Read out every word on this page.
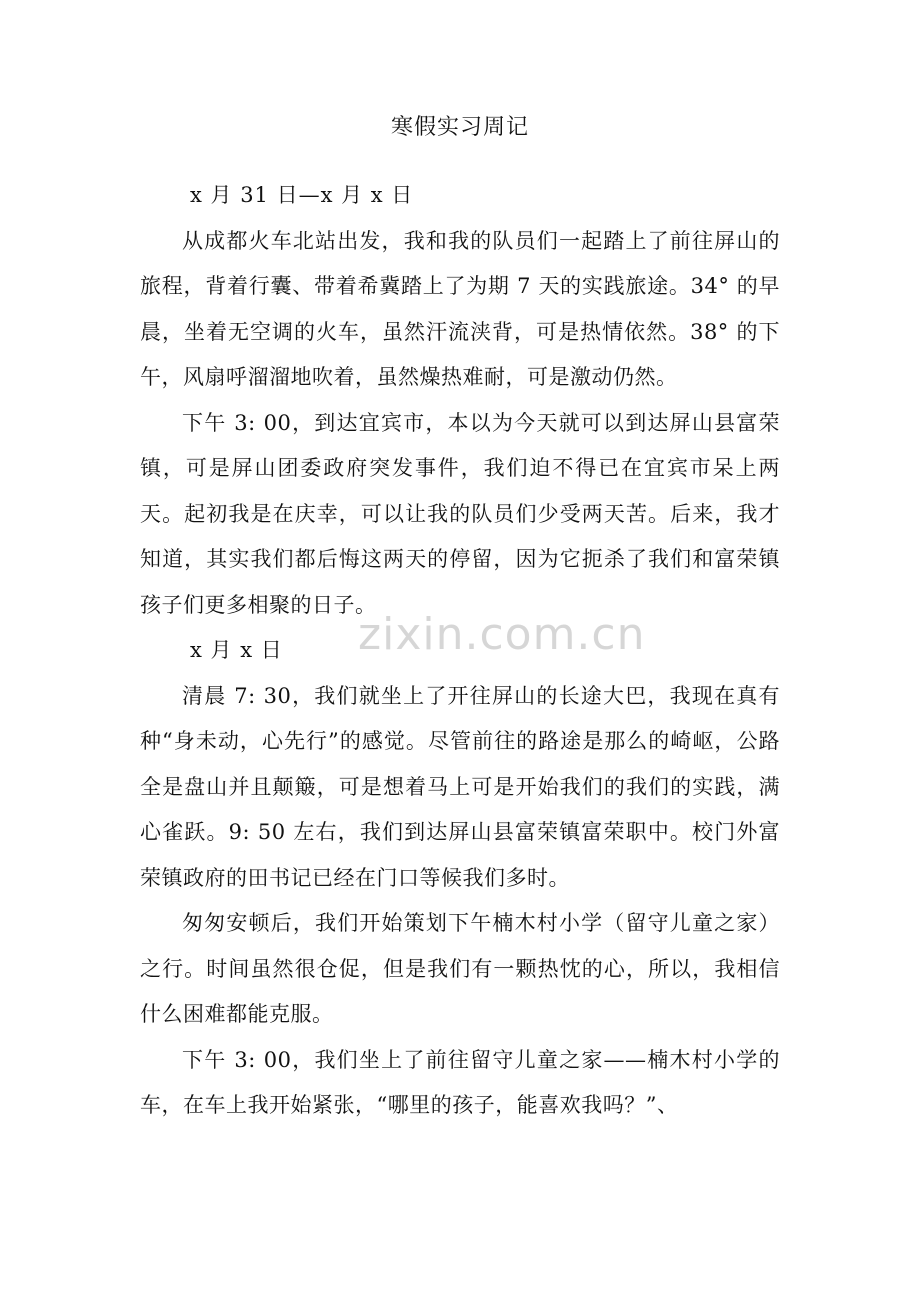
寒假实习周记
zixin.com.cn

x 月 31 日—x 月 x 日

从成都火车北站出发，我和我的队员们一起踏上了前往屏山的旅程，背着行囊、带着希冀踏上了为期 7 天的实践旅途。34° 的早晨，坐着无空调的火车，虽然汗流浃背，可是热情依然。38° 的下午，风扇呼溜溜地吹着，虽然燥热难耐，可是激动仍然。

下午 3: 00，到达宜宾市，本以为今天就可以到达屏山县富荣镇，可是屏山团委政府突发事件，我们迫不得已在宜宾市呆上两天。起初我是在庆幸，可以让我的队员们少受两天苦。后来，我才知道，其实我们都后悔这两天的停留，因为它扼杀了我们和富荣镇孩子们更多相聚的日子。

x 月 x 日

清晨 7: 30，我们就坐上了开往屏山的长途大巴，我现在真有种“身未动，心先行”的感觉。尽管前往的路途是那么的崎岖，公路全是盘山并且颠簸，可是想着马上可是开始我们的我们的实践，满心雀跃。9: 50 左右，我们到达屏山县富荣镇富荣职中。校门外富荣镇政府的田书记已经在门口等候我们多时。

匆匆安顿后，我们开始策划下午楠木村小学（留守儿童之家）之行。时间虽然很仓促，但是我们有一颗热忱的心，所以，我相信什么困难都能克服。

下午 3: 00，我们坐上了前往留守儿童之家——楠木村小学的车，在车上我开始紧张，“哪里的孩子，能喜欢我吗？”、
